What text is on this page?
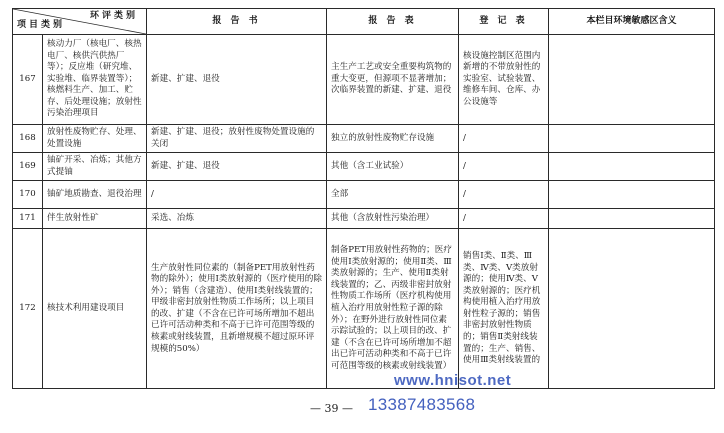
环评类别
项目类别		报 告 书	报 告 表	登 记 表	本栏目环境敏感区含义
167	核动力厂（核电厂、核热电厂、核供汽供热厂等）；反应堆（研究堆、实验堆、临界装置等）；核燃料生产、加工、贮存、后处理设施；放射性污染治理项目	新建、扩建、退役	主生产工艺或安全重要构筑物的重大变更，但源项不显著增加；次临界装置的新建、扩建、退役	核设施控制区范围内新增的不带放射性的实验室、试验装置、维修车间、仓库、办公设施等	
168	放射性废物贮存、处理、处置设施	新建、扩建、退役；放射性废物处置设施的关闭	独立的放射性废物贮存设施	/	
169	铀矿开采、冶炼；其他方式提铀	新建、扩建、退役	其他（含工业试验）	/	
170	铀矿地质勘查、退役治理	/	全部	/	
171	伴生放射性矿	采选、冶炼	其他（含放射性污染治理）	/	
172	核技术利用建设项目	生产放射性同位素的（制备PET用放射性药物的除外）；使用Ⅰ类放射源的（医疗使用的除外）；销售（含建造）、使用Ⅰ类射线装置的；甲级非密封放射性物质工作场所；以上项目的改、扩建（不含在已许可场所增加不超出已许可活动种类和不高于已许可范围等级的核素或射线装置，且新增规模不超过原环评规模的50%）	制备PET用放射性药物的；医疗使用Ⅰ类放射源的；使用Ⅱ类、Ⅲ类放射源的；生产、使用Ⅱ类射线装置的；乙、丙级非密封放射性物质工作场所（医疗机构使用植入治疗用放射性粒子源的除外）；在野外进行放射性同位素示踪试验的；以上项目的改、扩建（不含在已许可场所增加不超出已许可活动种类和不高于已许可范围等级的核素或射线装置）	销售Ⅰ类、Ⅱ类、Ⅲ类、Ⅳ类、Ⅴ类放射源的；使用Ⅳ类、Ⅴ类放射源的；医疗机构使用植入治疗用放射性粒子源的；销售非密封放射性物质的；销售Ⅱ类射线装置的；生产、销售、使用Ⅲ类射线装置的	
— 39 —
www.hnisot.net
13387483568
